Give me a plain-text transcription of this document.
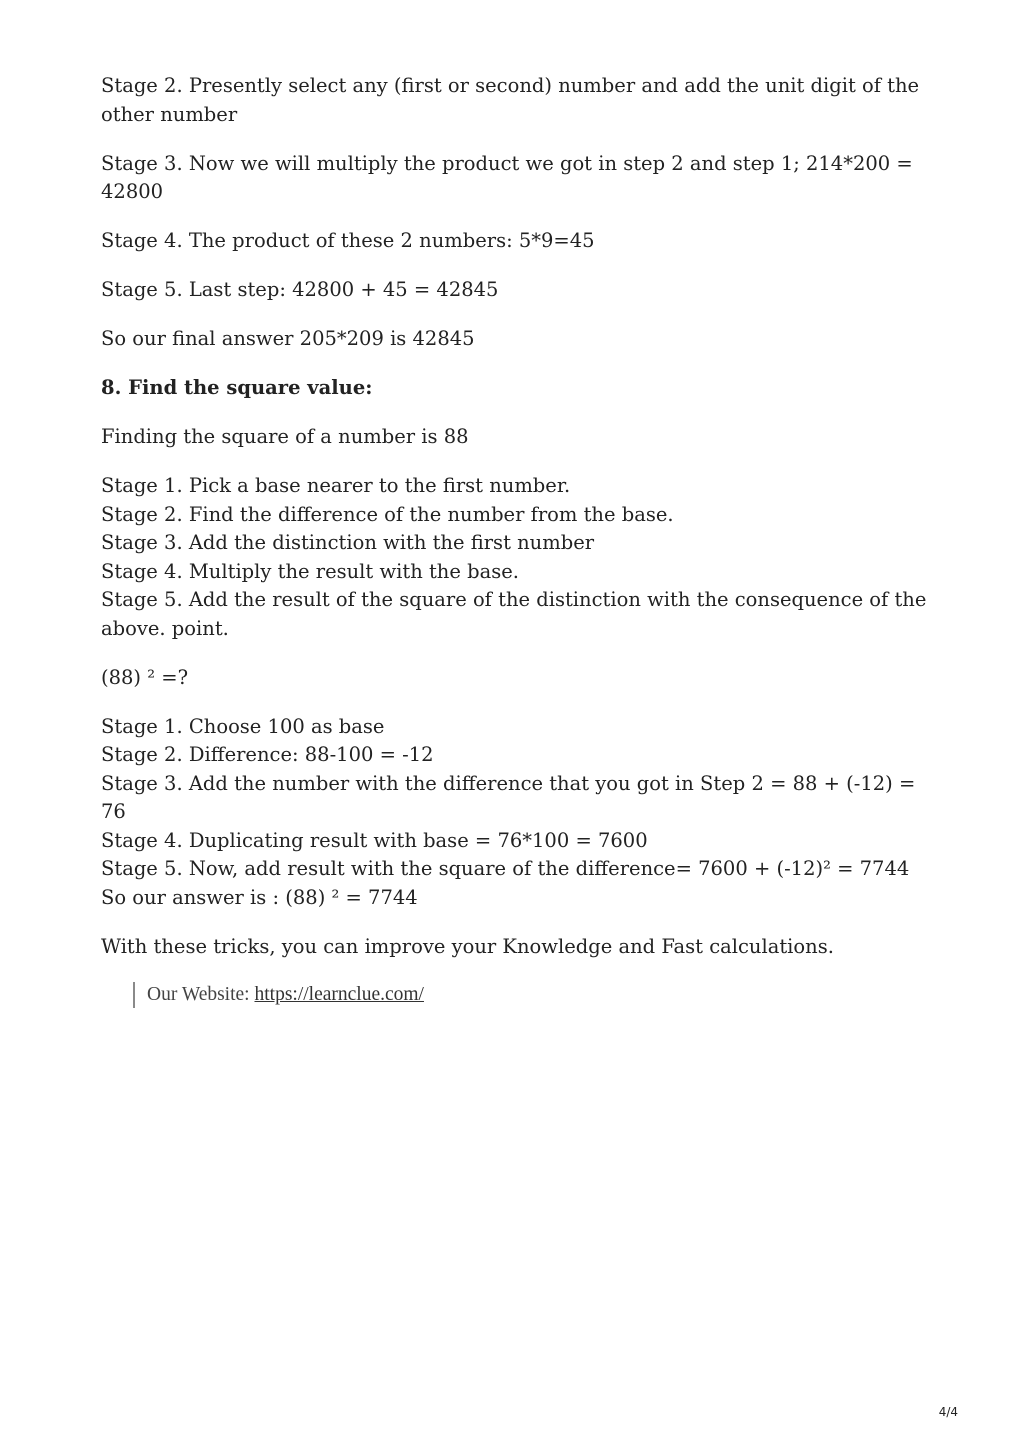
Stage 2. Presently select any (first or second) number and add the unit digit of the other number

Stage 3. Now we will multiply the product we got in step 2 and step 1; 214*200 = 42800

Stage 4. The product of these 2 numbers: 5*9=45

Stage 5. Last step: 42800 + 45 = 42845

So our final answer 205*209 is 42845

8. Find the square value:

Finding the square of a number is 88

Stage 1. Pick a base nearer to the first number.
Stage 2. Find the difference of the number from the base.
Stage 3. Add the distinction with the first number
Stage 4. Multiply the result with the base.
Stage 5. Add the result of the square of the distinction with the consequence of the above. point.

(88) ² =?

Stage 1. Choose 100 as base
Stage 2. Difference: 88-100 = -12
Stage 3. Add the number with the difference that you got in Step 2 = 88 + (-12) = 76
Stage 4. Duplicating result with base = 76*100 = 7600
Stage 5. Now, add result with the square of the difference= 7600 + (-12)² = 7744
So our answer is : (88) ² = 7744

With these tricks, you can improve your Knowledge and Fast calculations.

Our Website: https://learnclue.com/
4/4
